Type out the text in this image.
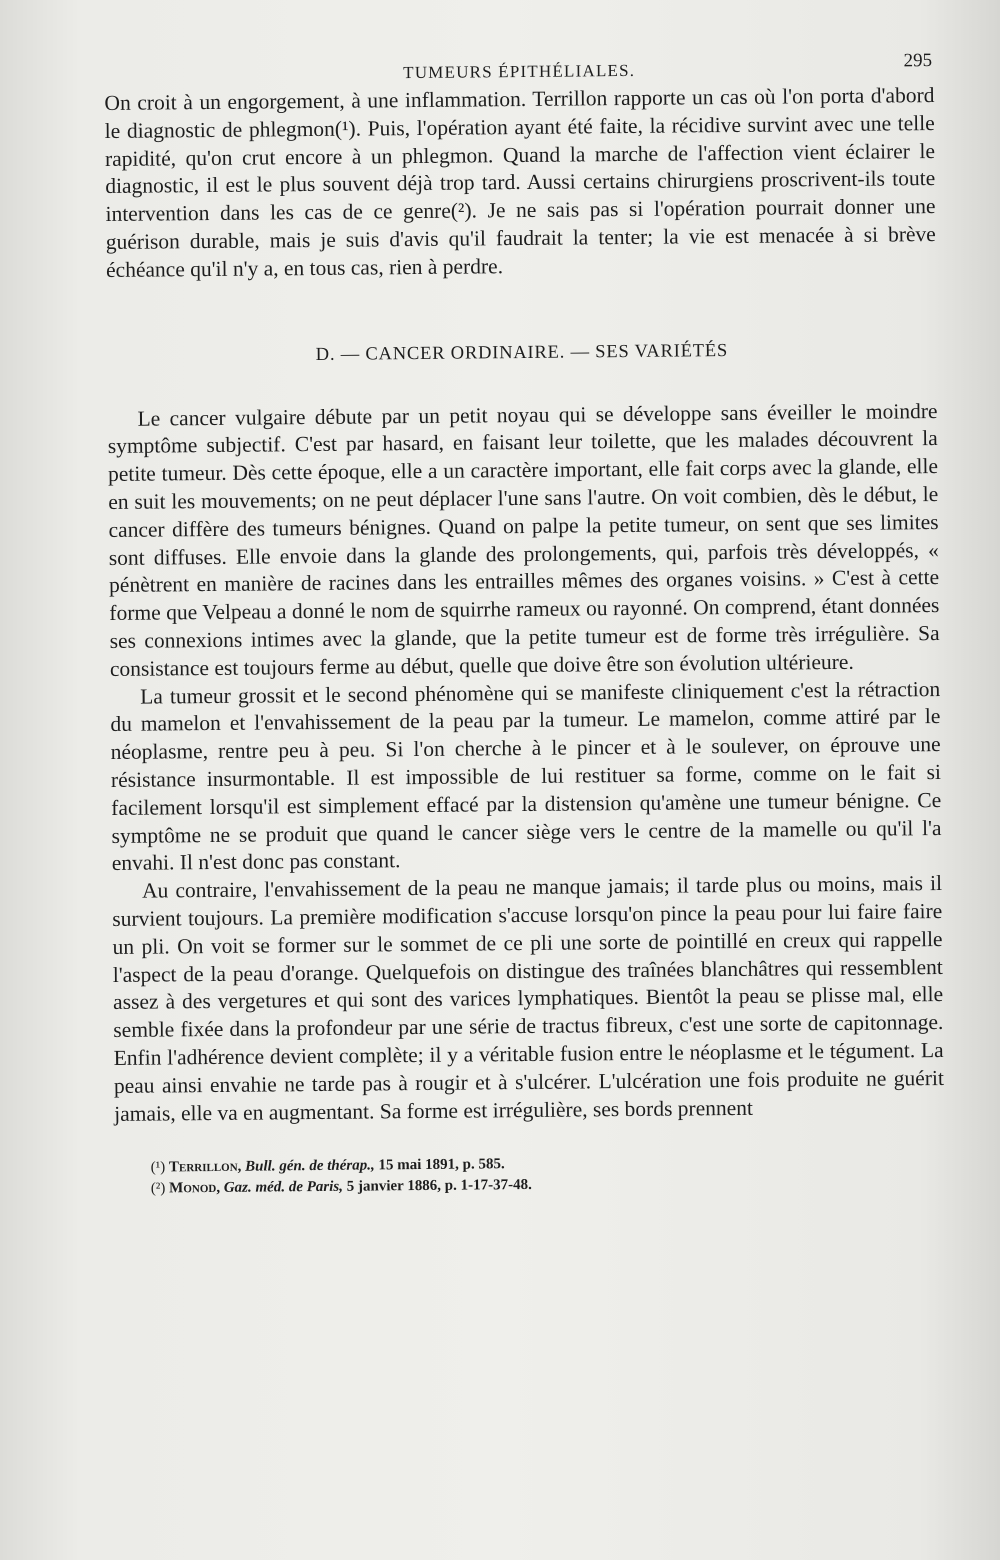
TUMEURS ÉPITHÉLIALES.
295

On croit à un engorgement, à une inflammation. Terrillon rapporte un cas où l'on porta d'abord le diagnostic de phlegmon(¹). Puis, l'opération ayant été faite, la récidive survint avec une telle rapidité, qu'on crut encore à un phlegmon. Quand la marche de l'affection vient éclairer le diagnostic, il est le plus souvent déjà trop tard. Aussi certains chirurgiens proscrivent-ils toute intervention dans les cas de ce genre(²). Je ne sais pas si l'opération pourrait donner une guérison durable, mais je suis d'avis qu'il faudrait la tenter; la vie est menacée à si brève échéance qu'il n'y a, en tous cas, rien à perdre.

D. — CANCER ORDINAIRE. — SES VARIÉTÉS

Le cancer vulgaire débute par un petit noyau qui se développe sans éveiller le moindre symptôme subjectif. C'est par hasard, en faisant leur toilette, que les malades découvrent la petite tumeur. Dès cette époque, elle a un caractère important, elle fait corps avec la glande, elle en suit les mouvements; on ne peut déplacer l'une sans l'autre. On voit combien, dès le début, le cancer diffère des tumeurs bénignes. Quand on palpe la petite tumeur, on sent que ses limites sont diffuses. Elle envoie dans la glande des prolongements, qui, parfois très développés, « pénètrent en manière de racines dans les entrailles mêmes des organes voisins. » C'est à cette forme que Velpeau a donné le nom de squirrhe rameux ou rayonné. On comprend, étant données ses connexions intimes avec la glande, que la petite tumeur est de forme très irrégulière. Sa consistance est toujours ferme au début, quelle que doive être son évolution ultérieure.

La tumeur grossit et le second phénomène qui se manifeste cliniquement c'est la rétraction du mamelon et l'envahissement de la peau par la tumeur. Le mamelon, comme attiré par le néoplasme, rentre peu à peu. Si l'on cherche à le pincer et à le soulever, on éprouve une résistance insurmontable. Il est impossible de lui restituer sa forme, comme on le fait si facilement lorsqu'il est simplement effacé par la distension qu'amène une tumeur bénigne. Ce symptôme ne se produit que quand le cancer siège vers le centre de la mamelle ou qu'il l'a envahi. Il n'est donc pas constant.

Au contraire, l'envahissement de la peau ne manque jamais; il tarde plus ou moins, mais il survient toujours. La première modification s'accuse lorsqu'on pince la peau pour lui faire faire un pli. On voit se former sur le sommet de ce pli une sorte de pointillé en creux qui rappelle l'aspect de la peau d'orange. Quelquefois on distingue des traînées blanchâtres qui ressemblent assez à des vergetures et qui sont des varices lymphatiques. Bientôt la peau se plisse mal, elle semble fixée dans la profondeur par une série de tractus fibreux, c'est une sorte de capitonnage. Enfin l'adhérence devient complète; il y a véritable fusion entre le néoplasme et le tégument. La peau ainsi envahie ne tarde pas à rougir et à s'ulcérer. L'ulcération une fois produite ne guérit jamais, elle va en augmentant. Sa forme est irrégulière, ses bords prennent

(¹) Terrillon, Bull. gén. de thérap., 15 mai 1891, p. 585.
(²) Monod, Gaz. méd. de Paris, 5 janvier 1886, p. 1-17-37-48.
